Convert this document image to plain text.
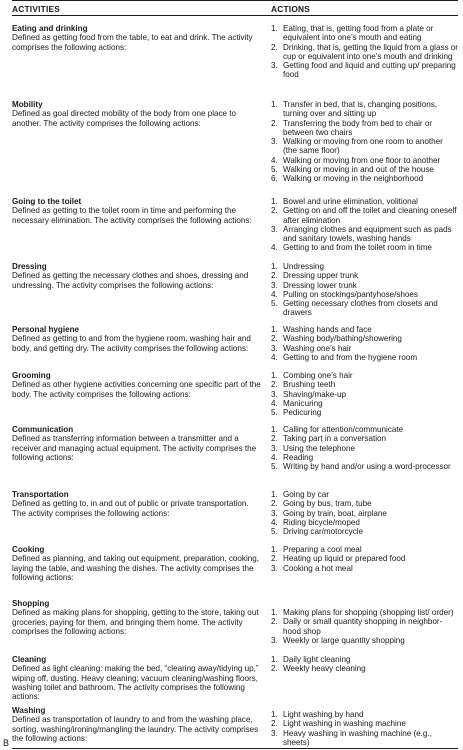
ACTIVITIES	ACTIONS
Eating and drinking
Defined as getting food from the table, to eat and drink. The activity comprises the following actions:
1. Eating, that is, getting food from a plate or equivalent into one’s mouth and eating
2. Drinking, that is, getting the liquid from a glass or cup or equivalent into one’s mouth and drinking
3. Getting food and liquid and cutting up/ preparing food
Mobility
Defined as goal directed mobility of the body from one place to another. The activity comprises the following actions:
1. Transfer in bed, that is, changing positions, turning over and sitting up
2. Transferring the body from bed to chair or between two chairs
3. Walking or moving from one room to another (the same floor)
4. Walking or moving from one floor to another
5. Walking or moving in and out of the house
6. Walking or moving in the neighborhood
Going to the toilet
Defined as getting to the toilet room in time and performing the necessary elimination. The activity comprises the following actions:
1. Bowel and urine elimination, volitional
2. Getting on and off the toilet and cleaning oneself after elimination
3. Arranging clothes and equipment such as pads and sanitary towels, washing hands
4. Getting to and from the toilet room in time
Dressing
Defined as getting the necessary clothes and shoes, dressing and undressing. The activity comprises the following actions:
1. Undressing
2. Dressing upper trunk
3. Dressing lower trunk
4. Pulling on stockings/pantyhose/shoes
5. Getting necessary clothes from closets and drawers
Personal hygiene
Defined as getting to and from the hygiene room, washing hair and body, and getting dry. The activity comprises the following actions:
1. Washing hands and face
2. Washing body/bathing/showering
3. Washing one’s hair
4. Getting to and from the hygiene room
Grooming
Defined as other hygiene activities concerning one specific part of the body. The activity comprises the following actions:
1. Combing one’s hair
2. Brushing teeth
3. Shaving/make-up
4. Manicuring
5. Pedicuring
Communication
Defined as transferring information between a transmitter and a receiver and managing actual equipment. The activity comprises the following actions:
1. Calling for attention/communicate
2. Taking part in a conversation
3. Using the telephone
4. Reading
5. Writing by hand and/or using a word-processor
Transportation
Defined as getting to, in and out of public or private transportation. The activity comprises the following actions:
1. Going by car
2. Going by bus, tram, tube
3. Going by train, boat, airplane
4. Riding bicycle/moped
5. Driving car/motorcycle
Cooking
Defined as planning, and taking out equipment, preparation, cooking, laying the table, and washing the dishes. The activity comprises the following actions:
1. Preparing a cool meal
2. Heating up liquid or prepared food
3. Cooking a hot meal
Shopping
Defined as making plans for shopping, getting to the store, taking out groceries, paying for them, and bringing them home. The activity comprises the following actions:
1. Making plans for shopping (shopping list/ order)
2. Daily or small quantity shopping in neighbor-hood shop
3. Weekly or large quantity shopping
Cleaning
Defined as light cleaning: making the bed, “clearing away/tidying up,” wiping off, dusting. Heavy cleaning; vacuum cleaning/washing floors, washing toilet and bathroom. The activity comprises the following actions:
1. Daily light cleaning
2. Weekly heavy cleaning
Washing
Defined as transportation of laundry to and from the washing place, sorting, washing/ironing/mangling the laundry. The activity comprises the following actions:
1. Light washing by hand
2. Light washing in washing machine
3. Heavy washing in washing machine (e.g., sheets)
B
